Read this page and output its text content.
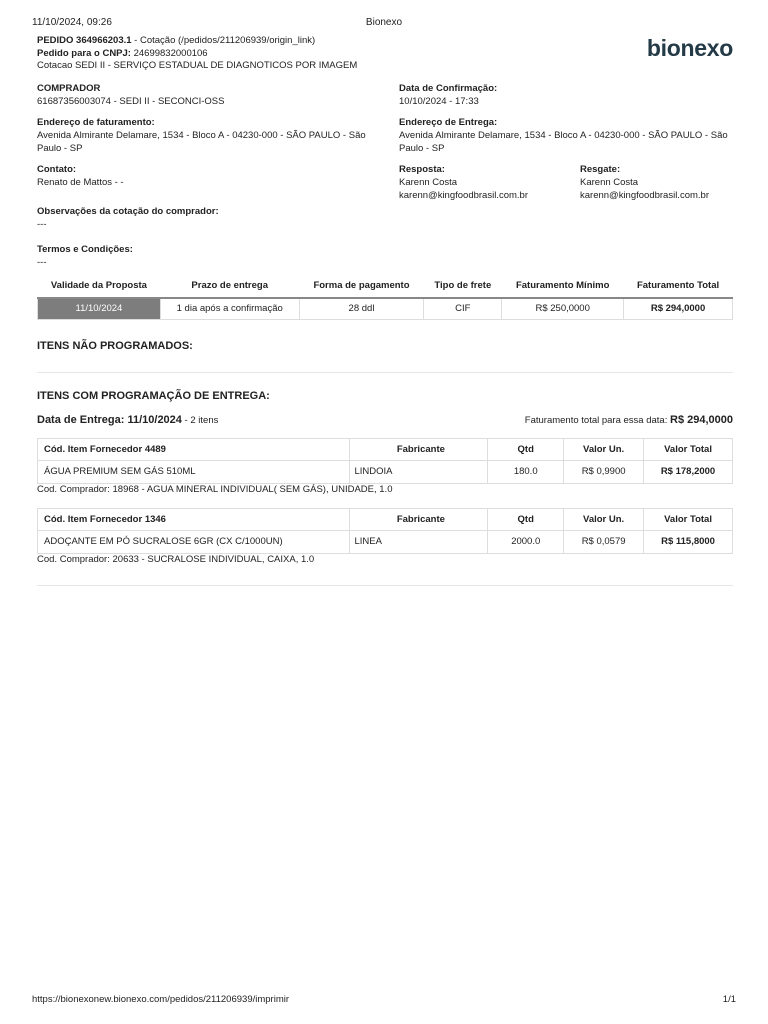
11/10/2024, 09:26	Bionexo
PEDIDO 364966203.1 - Cotação (/pedidos/211206939/origin_link)
Pedido para o CNPJ: 24699832000106
Cotacao SEDI II - SERVIÇO ESTADUAL DE DIAGNOTICOS POR IMAGEM
bionexo
COMPRADOR
61687356003074 - SEDI II - SECONCI-OSS
Data de Confirmação:
10/10/2024 - 17:33
Endereço de faturamento:
Avenida Almirante Delamare, 1534 - Bloco A - 04230-000 - SÃO PAULO - São Paulo - SP
Endereço de Entrega:
Avenida Almirante Delamare, 1534 - Bloco A - 04230-000 - SÃO PAULO - São Paulo - SP
Contato:
Renato de Mattos - -
Resposta:
Karenn Costa
karenn@kingfoodbrasil.com.br
Resgate:
Karenn Costa
karenn@kingfoodbrasil.com.br
Observações da cotação do comprador:
---
Termos e Condições:
---
Validade da Proposta	Prazo de entrega	Forma de pagamento	Tipo de frete	Faturamento Mínimo	Faturamento Total
11/10/2024	1 dia após a confirmação	28 ddl	CIF	R$ 250,0000	R$ 294,0000
ITENS NÃO PROGRAMADOS:
ITENS COM PROGRAMAÇÃO DE ENTREGA:
Data de Entrega: 11/10/2024 - 2 itens	Faturamento total para essa data: R$ 294,0000
Cód. Item Fornecedor 4489	Fabricante	Qtd	Valor Un.	Valor Total
ÁGUA PREMIUM SEM GÁS 510ML	LINDOIA	180.0	R$ 0,9900	R$ 178,2000
Cod. Comprador: 18968 - AGUA MINERAL INDIVIDUAL( SEM GÁS), UNIDADE, 1.0
Cód. Item Fornecedor 1346	Fabricante	Qtd	Valor Un.	Valor Total
ADOÇANTE EM PÓ SUCRALOSE 6GR (CX C/1000UN)	LINEA	2000.0	R$ 0,0579	R$ 115,8000
Cod. Comprador: 20633 - SUCRALOSE INDIVIDUAL, CAIXA, 1.0
https://bionexonew.bionexo.com/pedidos/211206939/imprimir	1/1
